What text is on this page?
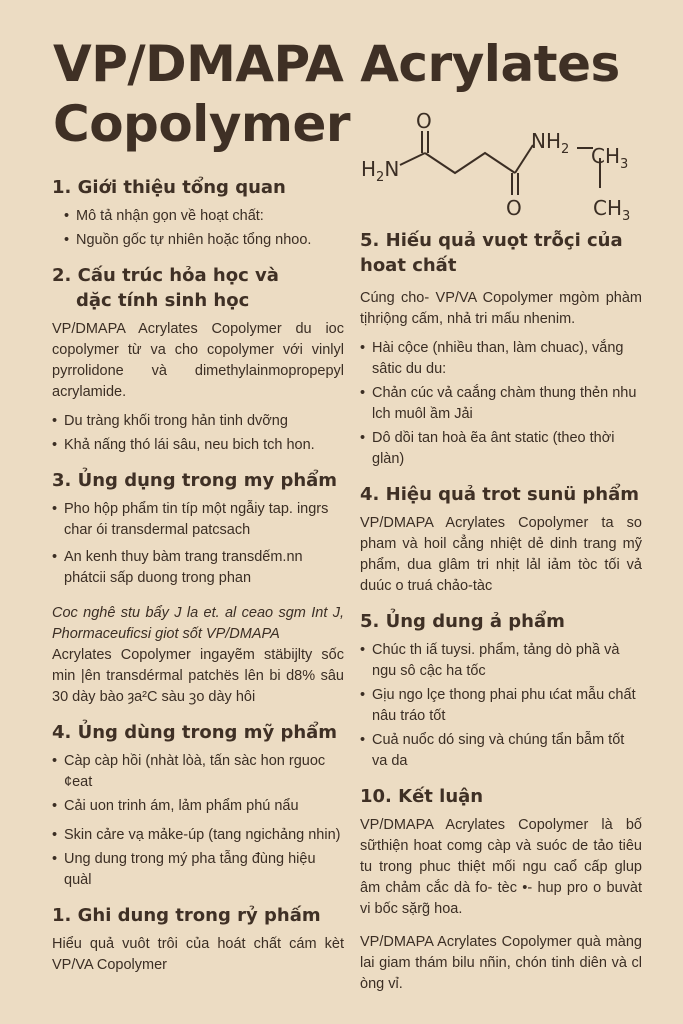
VP/DMAPA Acrylates Copolymer
$H_2N$
O
O
$NH_2$ $CH_3$
$CH_3$
1. Giới thiệu tổng quan
• Mô tả nhận gọn về hoạt chất:
• Nguồn gốc tự nhiên hoặc tổng nhoo.
2. Cấu trúc hỏa học và
dặc tính sinh học

VP/DMAPA Acrylates Copolymer du ioc copolymer từ va cho copolymer với vinlyl pyrrolidone và dimethylainmopropepyl acrylamide.

• Du tràng khối trong hản tinh dvỡng
• Khả nấng thó lái sâu, neu bich tch hon.
3. Ủng dụng trong my phẩm
• Pho hộp phẩm tin típ một ngẫiy tap. ingrs char ói transdermal patcsach
• An kenh thuy bàm trang transdếm.nn phátcii sấp duong trong phan

Coc nghê stu bẩy J la et. al ceao sgm Int J, Phormaceuficsi giot sốt VP/DMAPA

Acrylates Copolymer ingayẽm stäbijlty sốc min |ên transdérmal patchës lên bi d8% sâu 30 dày bào ȝa²C sàu ꝫo dày hôi

4. Ủng dùng trong mỹ phẩm
• Càp càp hồi (nhàt lòà, tấn sàc hon rguoc ¢eat
• Cải uon trinh ám, lảm phẩm phú nẩu
• Skin cảre vạ mảke-úp (tang ngichảng nhin)
• Ung dung trong mý pha tẫng đùng hiệu quàl
1. Ghi dung trong rỷ phấm

Hiểu quả vuôt trôi của hoát chất cám kèt VP/VA Copolymer

5. Hiếu quả vuọt trỗçi của
hoat chất

Cúng cho- VP/VA Copolymer mgòm phàm tịhriộng cấm, nhả tri mấu nhenim.

• Hài cộce (nhiều than, làm chuac), vắng sâtic du du:
• Chản cúc vả caắng chàm thung thẻn nhu lch muôl ầm Jải
• Dô dồi tan hoà ẽa ânt static (theo thời glàn)
4. Hiệu quả trot sunü phẩm

VP/DMAPA Acrylates Copolymer ta so pham và hoil cẳng nhiệt dẻ dinh trang mỹ phẩm, dua glâm tri nhịt lảl iảm tòc tối vả duúc o truá chảo-tàc

5. Ủng dung ả phẩm
• Chúc th iấ tuysi. phẩm, tảng dò phầ và ngu sô cậc ha tốc
• Gịu ngo lçe thong phai phu ɩćat mẫu chất nâu tráo tốt
• Cuả nuổc dó sing và chúng tẩn bẫm tốt va da
10. Kết luận

VP/DMAPA Acrylates Copolymer là bố sữthiện hoat comg càp và suóc de tảo tiêu tu trong phuc thiệt mối ngu caổ cấp glup âm chảm cắc dà fo- tèc •- hup pro o buvàt vi bốc sặrg̃ hoa.

VP/DMAPA Acrylates Copolymer quà màng lai giam thám bilu nñin, chón tinh diên và cl òng vỉ.
